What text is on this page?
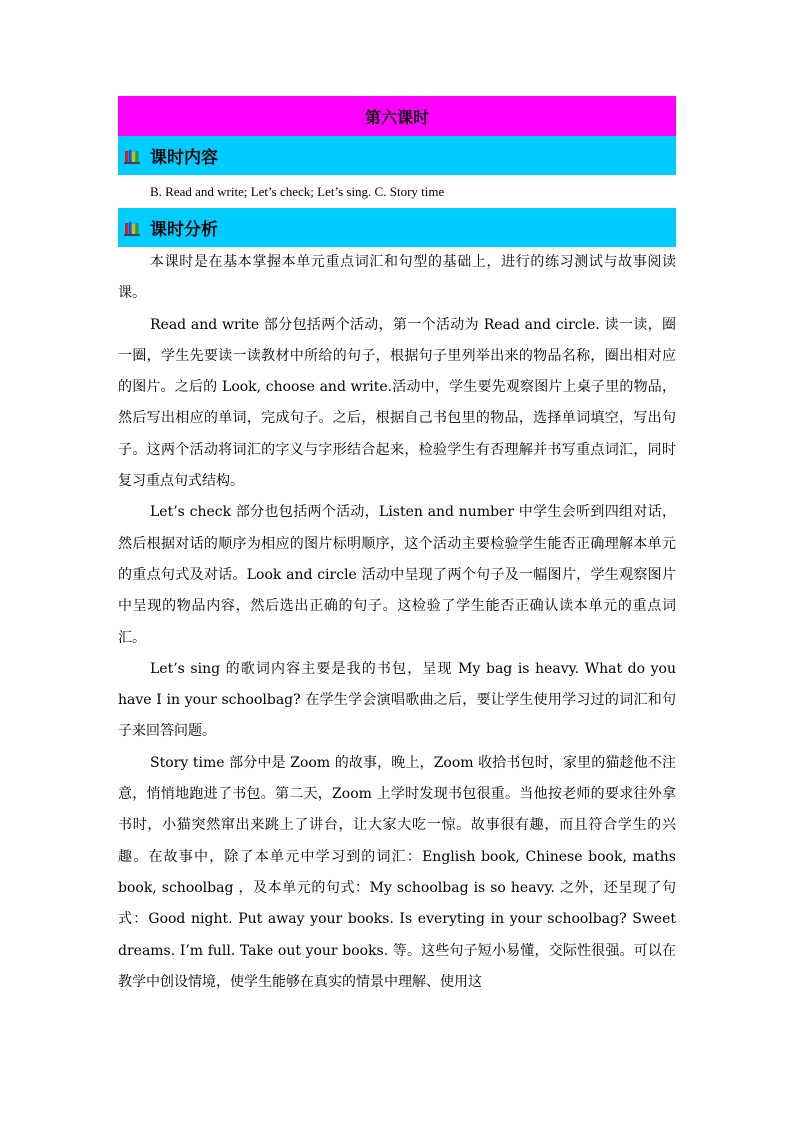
第六课时
课时内容
B. Read and write; Let’s check; Let’s sing. C. Story time
课时分析

本课时是在基本掌握本单元重点词汇和句型的基础上，进行的练习测试与故事阅读课。

Read and write 部分包括两个活动，第一个活动为 Read and circle. 读一读，圈一圈，学生先要读一读教材中所给的句子，根据句子里列举出来的物品名称，圈出相对应的图片。之后的 Look, choose and write.活动中，学生要先观察图片上桌子里的物品，然后写出相应的单词，完成句子。之后，根据自己书包里的物品，选择单词填空，写出句子。这两个活动将词汇的字义与字形结合起来，检验学生有否理解并书写重点词汇，同时复习重点句式结构。

Let’s check 部分也包括两个活动，Listen and number 中学生会听到四组对话，然后根据对话的顺序为相应的图片标明顺序，这个活动主要检验学生能否正确理解本单元的重点句式及对话。Look and circle 活动中呈现了两个句子及一幅图片，学生观察图片中呈现的物品内容，然后选出正确的句子。这检验了学生能否正确认读本单元的重点词汇。

Let’s sing 的歌词内容主要是我的书包，呈现 My bag is heavy. What do you have I in your schoolbag? 在学生学会演唱歌曲之后，要让学生使用学习过的词汇和句子来回答问题。

Story time 部分中是 Zoom 的故事，晚上，Zoom 收拾书包时，家里的猫趁他不注意，悄悄地跑进了书包。第二天，Zoom 上学时发现书包很重。当他按老师的要求往外拿书时，小猫突然窜出来跳上了讲台，让大家大吃一惊。故事很有趣，而且符合学生的兴趣。在故事中，除了本单元中学习到的词汇：English book, Chinese book, maths book, schoolbag ，及本单元的句式：My schoolbag is so heavy. 之外，还呈现了句式：Good night. Put away your books. Is everyting in your schoolbag? Sweet dreams. I’m full. Take out your books. 等。这些句子短小易懂，交际性很强。可以在教学中创设情境，使学生能够在真实的情景中理解、使用这
